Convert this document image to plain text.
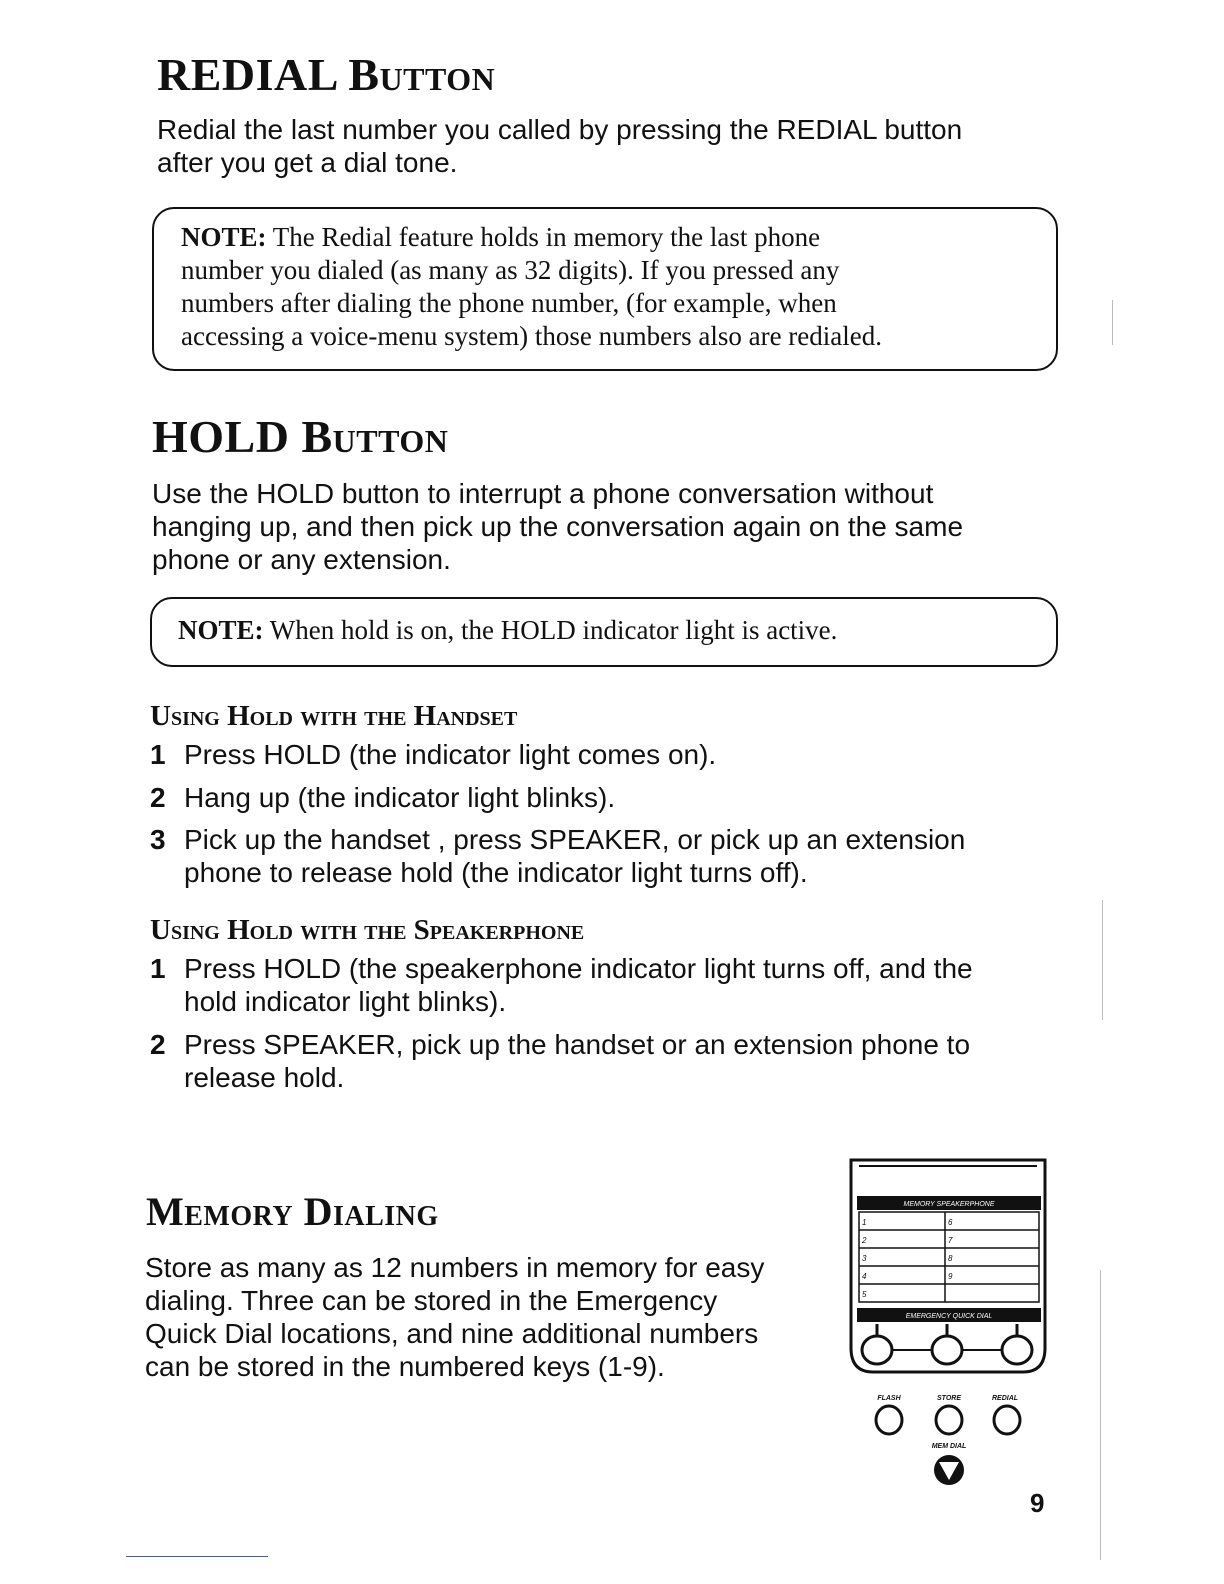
REDIAL Button

Redial the last number you called by pressing the REDIAL button
after you get a dial tone.

NOTE: The Redial feature holds in memory the last phone
number you dialed (as many as 32 digits). If you pressed any
numbers after dialing the phone number, (for example, when
accessing a voice-menu system) those numbers also are redialed.
HOLD Button

Use the HOLD button to interrupt a phone conversation without
hanging up, and then pick up the conversation again on the same
phone or any extension.

NOTE: When hold is on, the HOLD indicator light is active.
Using Hold with the Handset
1 Press HOLD (the indicator light comes on).
2 Hang up (the indicator light blinks).
3 Pick up the handset , press SPEAKER, or pick up an extension
phone to release hold (the indicator light turns off).
Using Hold with the Speakerphone
1 Press HOLD (the speakerphone indicator light turns off, and the
hold indicator light blinks).
2 Press SPEAKER, pick up the handset or an extension phone to
release hold.
Memory Dialing

Store as many as 12 numbers in memory for easy
dialing. Three can be stored in the Emergency
Quick Dial locations, and nine additional numbers
can be stored in the numbered keys (1-9).

MEMORY SPEAKERPHONE
1
2
3
4
5
6
7
8
9
EMERGENCY QUICK DIAL
FLASH	STORE	REDIAL
MEM DIAL
9
